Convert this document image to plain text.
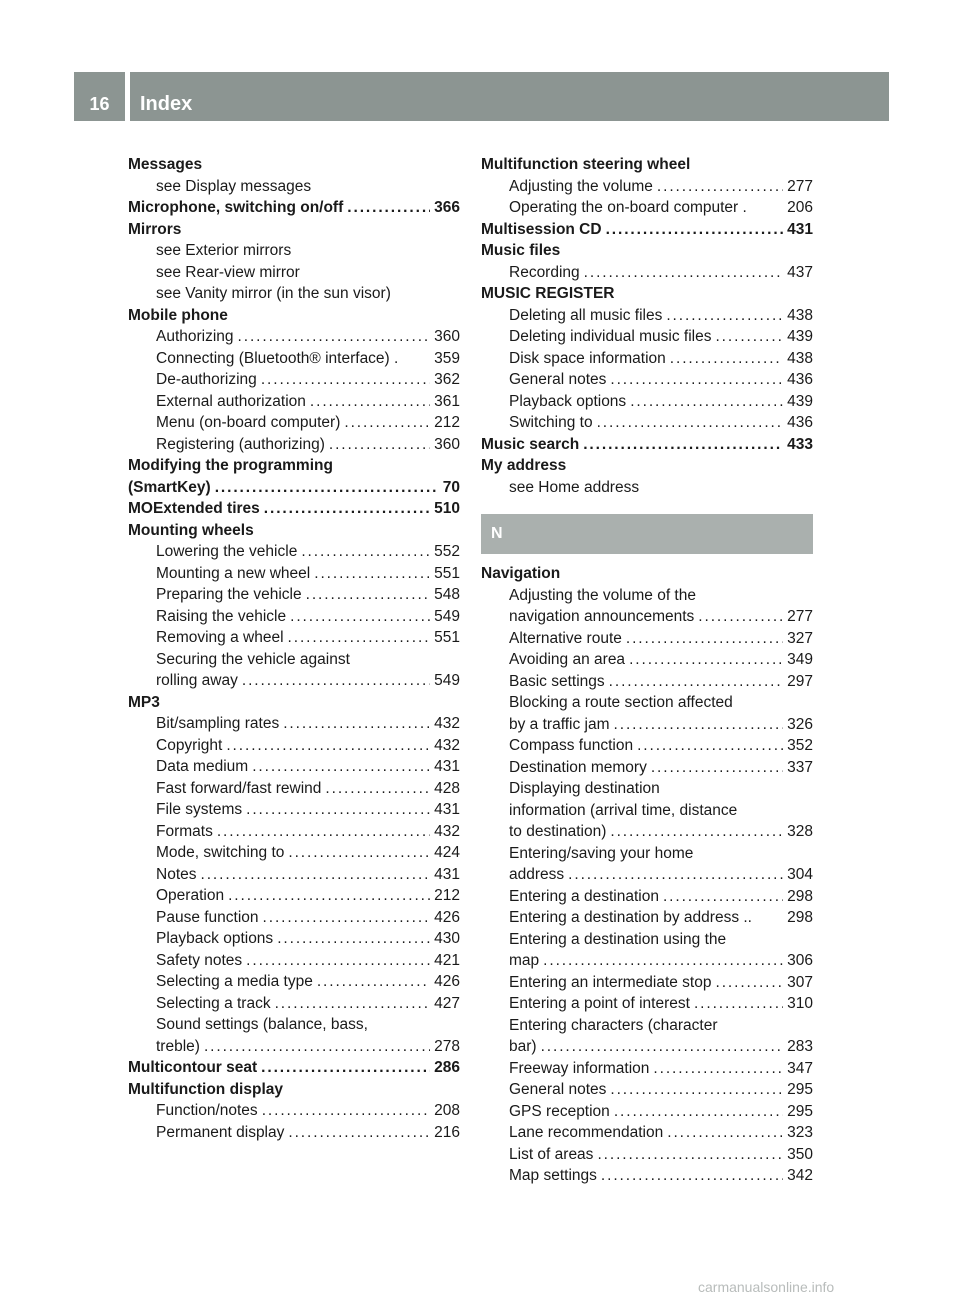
16	Index
Messages
see Display messages
Microphone, switching on/off . . .	366
Mirrors
see Exterior mirrors
see Rear-view mirror
see Vanity mirror (in the sun visor)
Mobile phone
Authorizing . . .	360
Connecting (Bluetooth® interface) . 359
De-authorizing . . .	362
External authorization . . .	361
Menu (on-board computer) . . .	212
Registering (authorizing) . . .	360
Modifying the programming
(SmartKey) . . .	70
MOExtended tires . . .	510
Mounting wheels
Lowering the vehicle . . .	552
Mounting a new wheel . . .	551
Preparing the vehicle . . .	548
Raising the vehicle . . .	549
Removing a wheel . . .	551
Securing the vehicle against
rolling away . . .	549
MP3
Bit/sampling rates . . .	432
Copyright . . .	432
Data medium . . .	431
Fast forward/fast rewind . . .	428
File systems . . .	431
Formats . . .	432
Mode, switching to . . .	424
Notes . . .	431
Operation . . .	212
Pause function . . .	426
Playback options . . .	430
Safety notes . . .	421
Selecting a media type . . .	426
Selecting a track . . .	427
Sound settings (balance, bass,
treble) . . .	278
Multicontour seat . . .	286
Multifunction display
Function/notes . . .	208
Permanent display . . .	216
Multifunction steering wheel
Adjusting the volume . . .	277
Operating the on-board computer .	206
Multisession CD . . .	431
Music files
Recording . . .	437
MUSIC REGISTER
Deleting all music files . . .	438
Deleting individual music files . . .	439
Disk space information . . .	438
General notes . . .	436
Playback options . . .	439
Switching to . . .	436
Music search . . .	433
My address
see Home address
N
Navigation
Adjusting the volume of the
navigation announcements . . .	277
Alternative route . . .	327
Avoiding an area . . .	349
Basic settings . . .	297
Blocking a route section affected
by a traffic jam . . .	326
Compass function . . .	352
Destination memory . . .	337
Displaying destination
information (arrival time, distance
to destination) . . .	328
Entering/saving your home
address . . .	304
Entering a destination . . .	298
Entering a destination by address .. 298
Entering a destination using the
map . . .	306
Entering an intermediate stop . . .	307
Entering a point of interest . . .	310
Entering characters (character
bar) . . .	283
Freeway information . . .	347
General notes . . .	295
GPS reception . . .	295
Lane recommendation . . .	323
List of areas . . .	350
Map settings . . .	342
carmanualsonline.info
